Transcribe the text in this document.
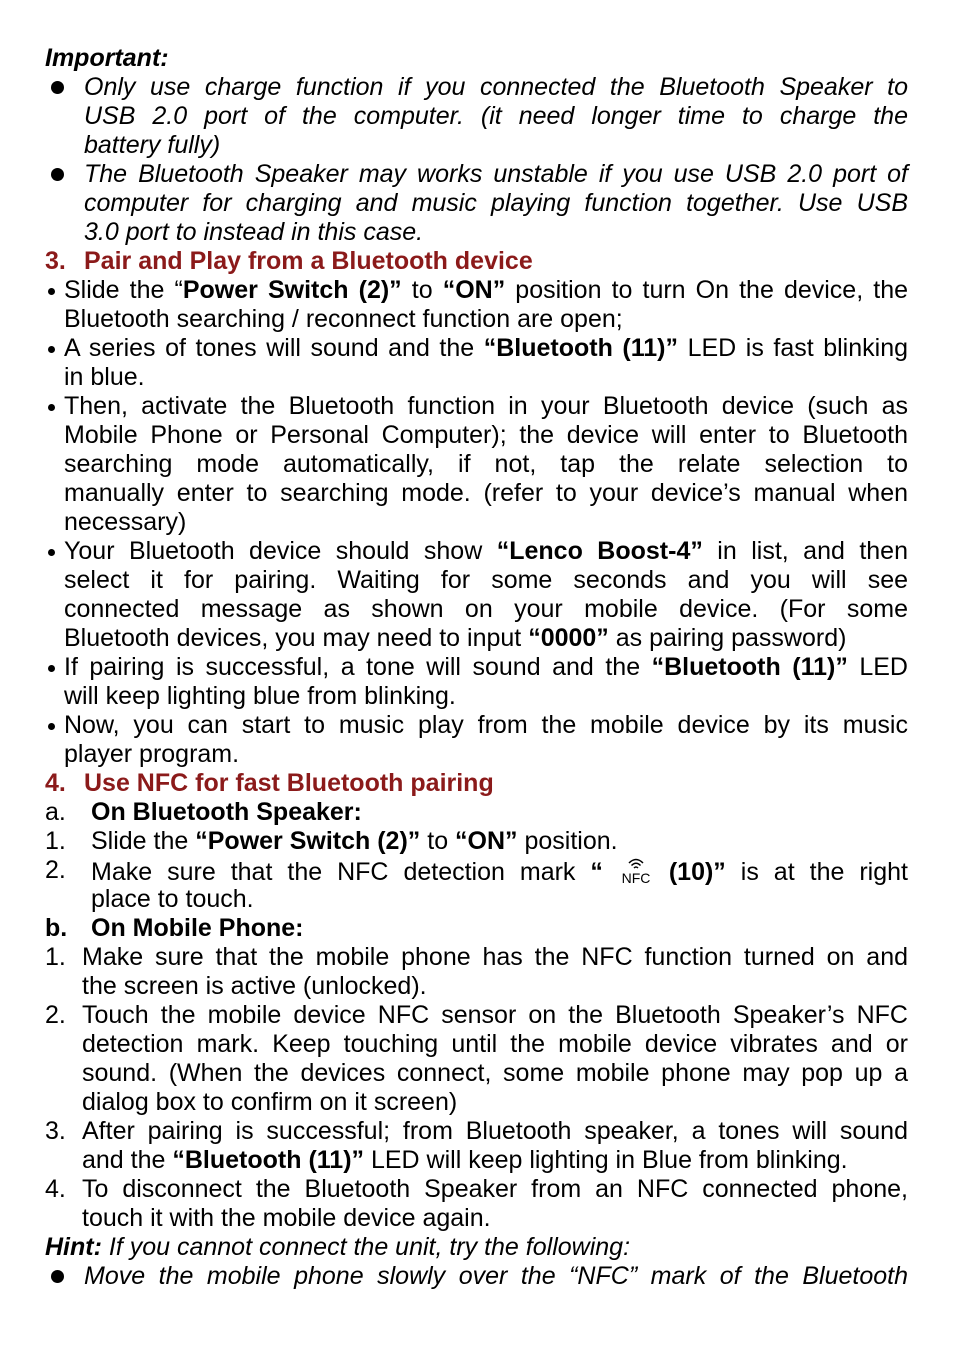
Important:
Only use charge function if you connected the Bluetooth Speaker to
USB 2.0 port of the computer. (it need longer time to charge the
battery fully)
The Bluetooth Speaker may works unstable if you use USB 2.0 port of
computer for charging and music playing function together. Use USB
3.0 port to instead in this case.
3. Pair and Play from a Bluetooth device
Slide the “Power Switch (2)” to “ON” position to turn On the device, the
Bluetooth searching / reconnect function are open;
A series of tones will sound and the “Bluetooth (11)” LED is fast blinking
in blue.
Then, activate the Bluetooth function in your Bluetooth device (such as
Mobile Phone or Personal Computer); the device will enter to Bluetooth
searching mode automatically, if not, tap the relate selection to
manually enter to searching mode. (refer to your device’s manual when
necessary)
Your Bluetooth device should show “Lenco Boost-4” in list, and then
select it for pairing. Waiting for some seconds and you will see
connected message as shown on your mobile device. (For some
Bluetooth devices, you may need to input “0000” as pairing password)
If pairing is successful, a tone will sound and the “Bluetooth (11)” LED
will keep lighting blue from blinking.
Now, you can start to music play from the mobile device by its music
player program.
4. Use NFC for fast Bluetooth pairing
a. On Bluetooth Speaker:
1. Slide the “Power Switch (2)” to “ON” position.
2. Make sure that the NFC detection mark “ NFC (10)” is at the right
place to touch.
b. On Mobile Phone:
1. Make sure that the mobile phone has the NFC function turned on and
the screen is active (unlocked).
2. Touch the mobile device NFC sensor on the Bluetooth Speaker’s NFC
detection mark. Keep touching until the mobile device vibrates and or
sound. (When the devices connect, some mobile phone may pop up a
dialog box to confirm on it screen)
3. After pairing is successful; from Bluetooth speaker, a tones will sound
and the “Bluetooth (11)” LED will keep lighting in Blue from blinking.
4. To disconnect the Bluetooth Speaker from an NFC connected phone,
touch it with the mobile device again.
Hint: If you cannot connect the unit, try the following:
Move the mobile phone slowly over the “NFC” mark of the Bluetooth
